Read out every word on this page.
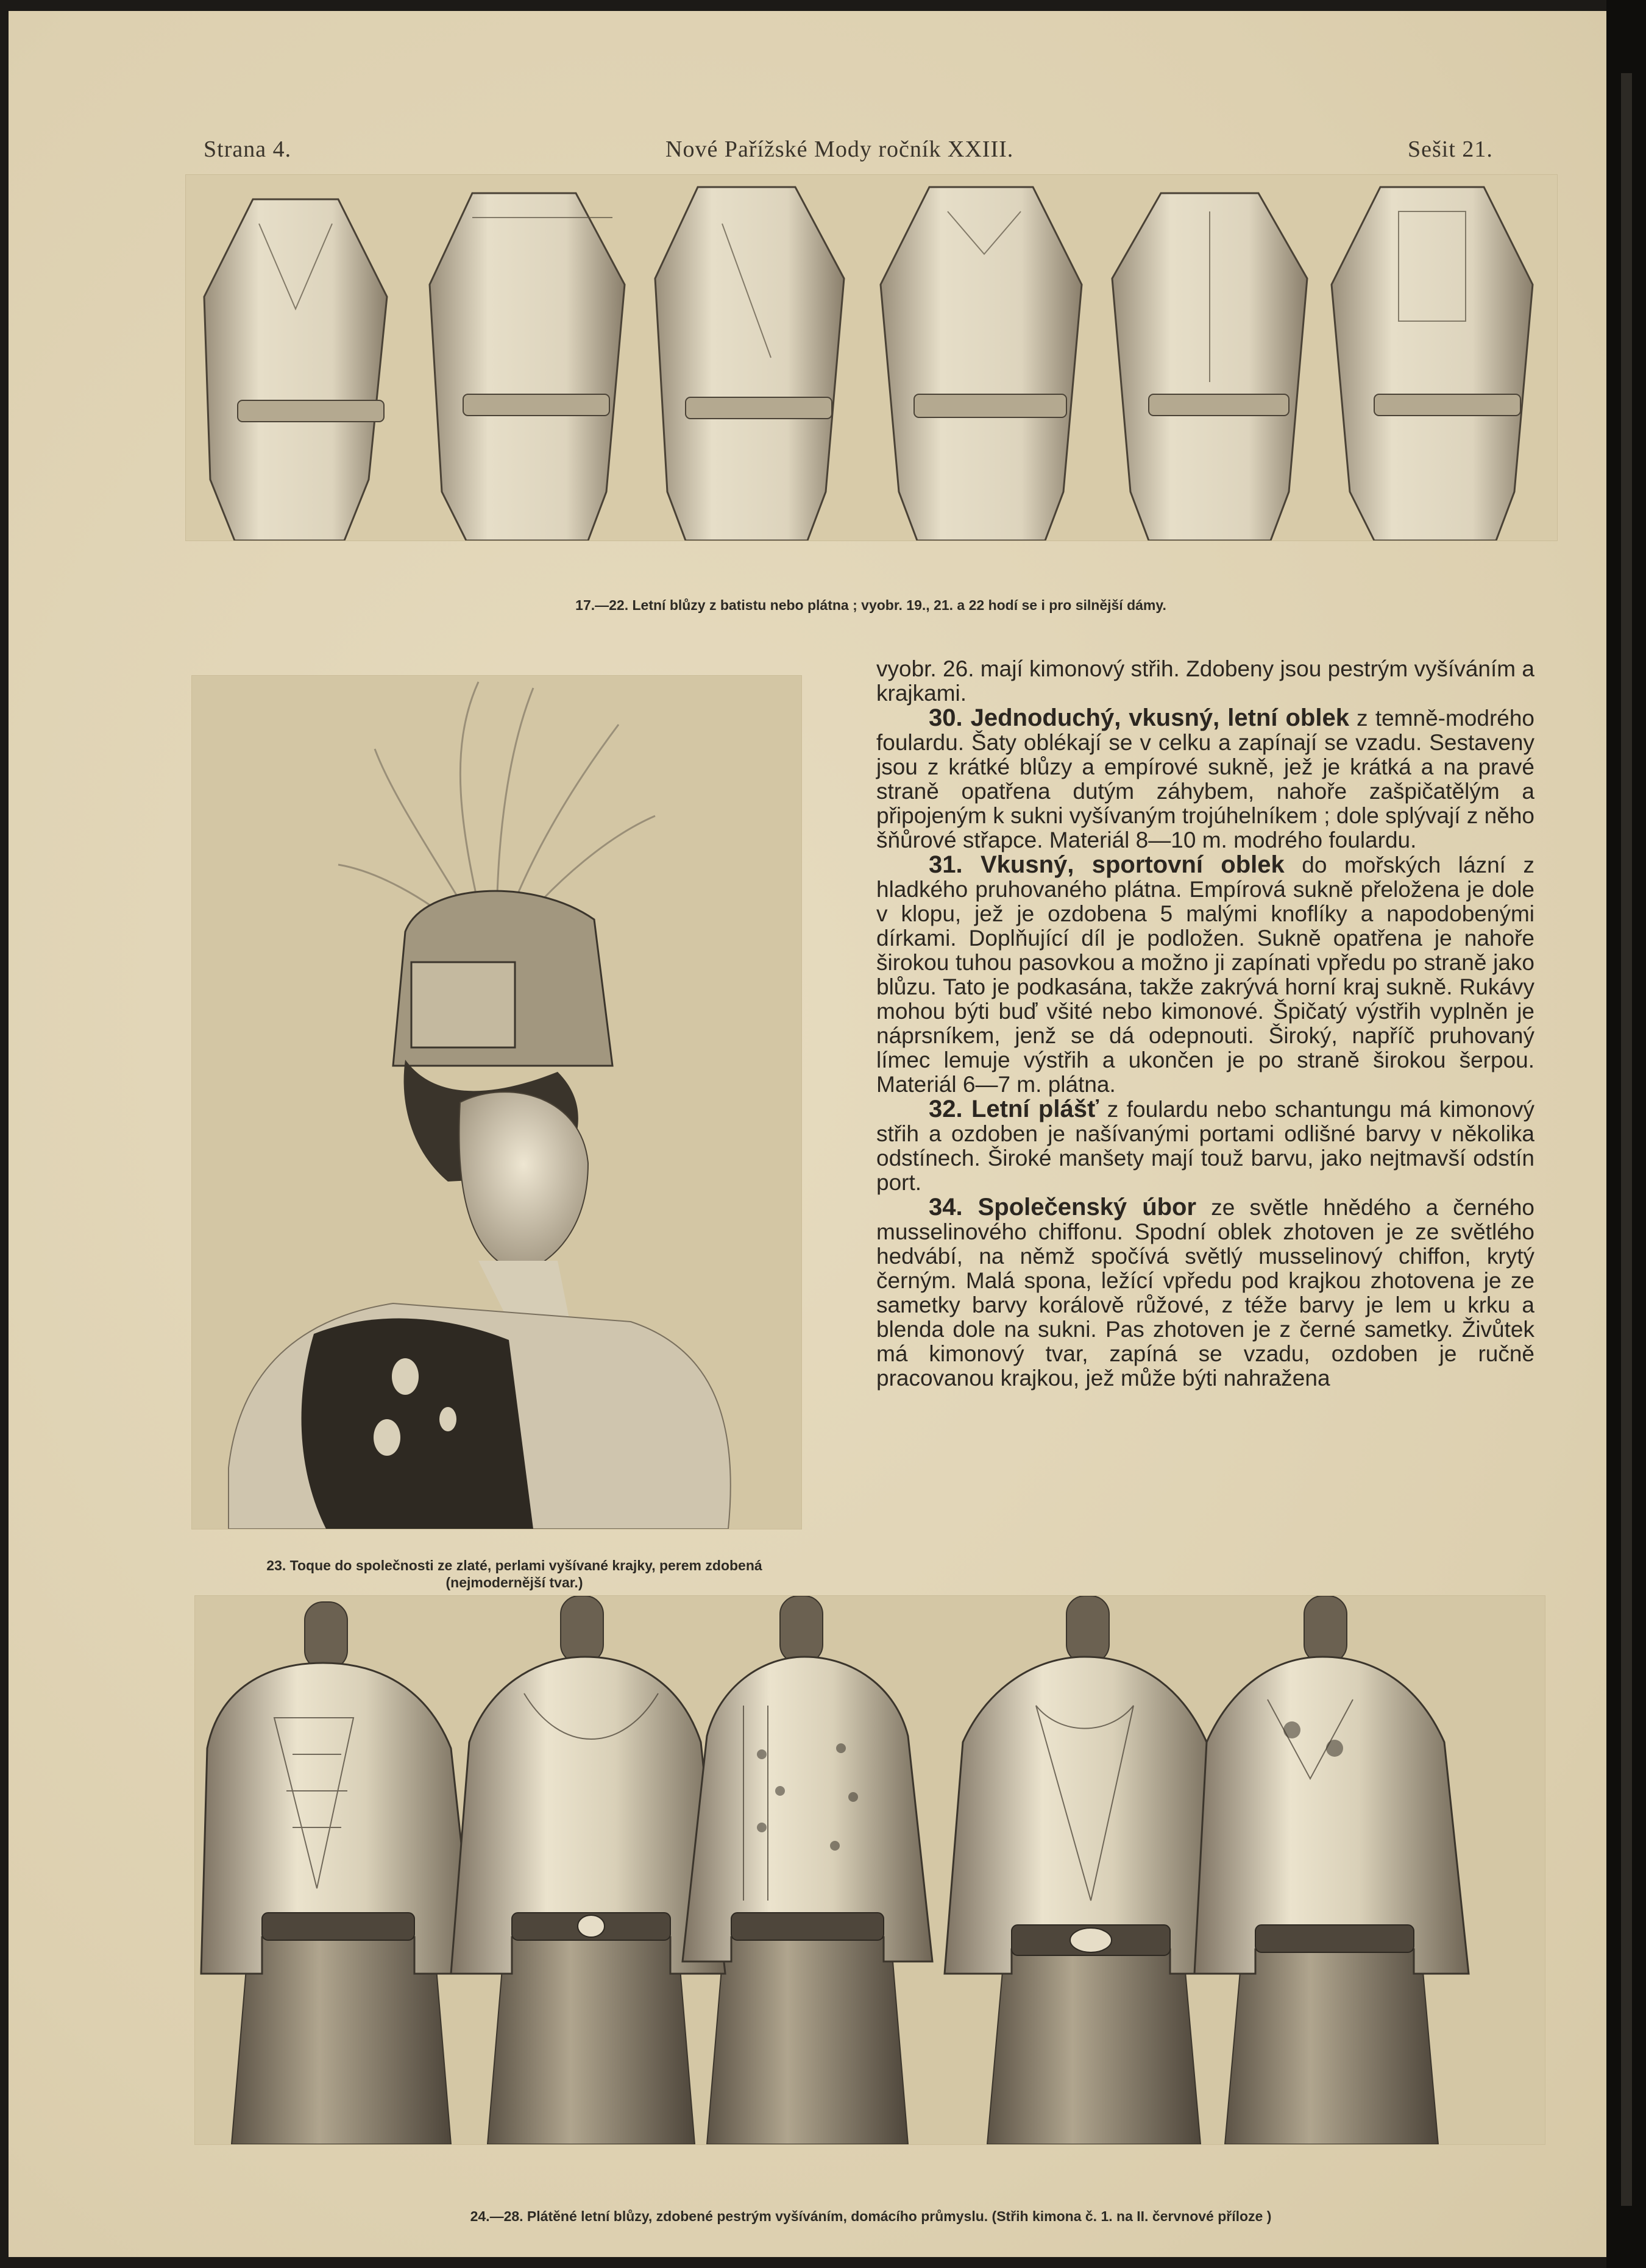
Strana 4.	Nové Pařížské Mody ročník XXIII.	Sešit 21.
17.—22. Letní blůzy z batistu nebo plátna ; vyobr. 19., 21. a 22 hodí se i pro silnější dámy.
23. Toque do společnosti ze zlaté, perlami vyšívané krajky, perem zdobená
(nejmodernější tvar.)

vyobr. 26. mají kimonový střih. Zdobeny jsou pestrým vyšíváním a krajkami.

30. Jednoduchý, vkusný, letní oblek z temně-modrého foulardu. Šaty oblékají se v celku a zapínají se vzadu. Sestaveny jsou z krátké blůzy a empírové sukně, jež je krátká a na pravé straně opatřena dutým záhybem, nahoře zašpičatělým a připojeným k sukni vyšívaným trojúhelníkem ; dole splývají z něho šňůrové střapce. Materiál 8—10 m. modrého foulardu.

31. Vkusný, sportovní oblek do mořských lázní z hladkého pruhovaného plátna. Empírová sukně přeložena je dole v klopu, jež je ozdobena 5 malými knoflíky a napodobenými dírkami. Doplňující díl je podložen. Sukně opatřena je nahoře širokou tuhou pasovkou a možno ji zapínati vpředu po straně jako blůzu. Tato je podkasána, takže zakrývá horní kraj sukně. Rukávy mohou býti buď všité nebo kimonové. Špičatý výstřih vyplněn je náprsníkem, jenž se dá odepnouti. Široký, napříč pruhovaný límec lemuje výstřih a ukončen je po straně širokou šerpou. Materiál 6—7 m. plátna.

32. Letní plášť z foulardu nebo schantungu má kimonový střih a ozdoben je našívanými portami odlišné barvy v několika odstínech. Široké manšety mají touž barvu, jako nejtmavší odstín port.

34. Společenský úbor ze světle hnědého a černého musselinového chiffonu. Spodní oblek zhotoven je ze světlého hedvábí, na němž spočívá světlý musselinový chiffon, krytý černým. Malá spona, ležící vpředu pod krajkou zhotovena je ze sametky barvy korálově růžové, z téže barvy je lem u krku a blenda dole na sukni. Pas zhotoven je z černé sametky. Živůtek má kimonový tvar, zapíná se vzadu, ozdoben je ručně pracovanou krajkou, jež může býti nahražena

24.—28. Plátěné letní blůzy, zdobené pestrým vyšíváním, domácího průmyslu. (Střih kimona č. 1. na II. červnové příloze )
